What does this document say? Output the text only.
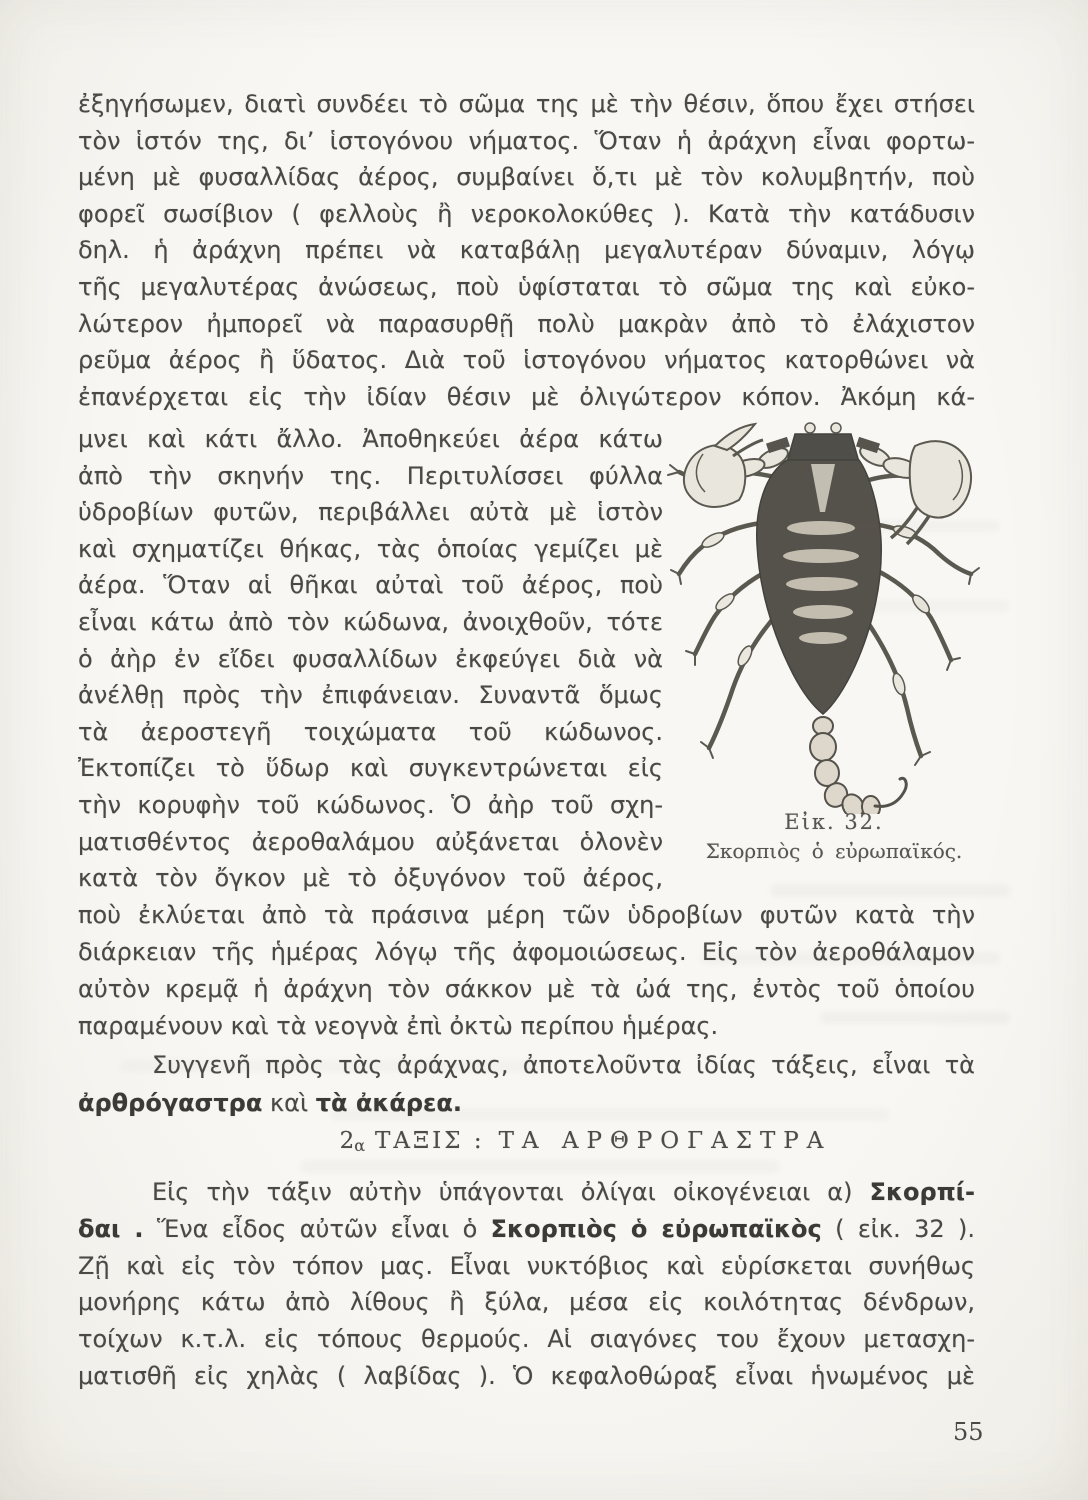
ἐξηγήσωμεν, διατὶ συνδέει τὸ σῶμα της μὲ τὴν θέσιν, ὅπου ἔχει στήσει
τὸν ἱστόν της, δι’ ἱστογόνου νήματος. Ὅταν ἡ ἀράχνη εἶναι φορτω-
μένη μὲ φυσαλλίδας ἀέρος, συμβαίνει ὅ,τι μὲ τὸν κολυμβητήν, ποὺ
φορεῖ σωσίβιον ( φελλοὺς ἢ νεροκολοκύθες ). Κατὰ τὴν κατάδυσιν
δηλ. ἡ ἀράχνη πρέπει νὰ καταβάλῃ μεγαλυτέραν δύναμιν, λόγῳ
τῆς μεγαλυτέρας ἀνώσεως, ποὺ ὑφίσταται τὸ σῶμα της καὶ εὐκο-
λώτερον ἠμπορεῖ νὰ παρασυρθῇ πολὺ μακρὰν ἀπὸ τὸ ἐλάχιστον
ρεῦμα ἀέρος ἢ ὕδατος. Διὰ τοῦ ἱστογόνου νήματος κατορθώνει νὰ
ἐπανέρχεται εἰς τὴν ἰδίαν θέσιν μὲ ὀλιγώτερον κόπον. Ἀκόμη κά-
μνει καὶ κάτι ἄλλο. Ἀποθηκεύει ἀέρα κάτω
ἀπὸ τὴν σκηνήν της. Περιτυλίσσει φύλλα
ὑδροβίων φυτῶν, περιβάλλει αὐτὰ μὲ ἱστὸν
καὶ σχηματίζει θήκας, τὰς ὁποίας γεμίζει μὲ
ἀέρα. Ὅταν αἱ θῆκαι αὐταὶ τοῦ ἀέρος, ποὺ
εἶναι κάτω ἀπὸ τὸν κώδωνα, ἀνοιχθοῦν, τότε
ὁ ἀὴρ ἐν εἴδει φυσαλλίδων ἐκφεύγει διὰ νὰ
ἀνέλθῃ πρὸς τὴν ἐπιφάνειαν. Συναντᾶ ὅμως
τὰ ἀεροστεγῆ τοιχώματα τοῦ κώδωνος.
Ἐκτοπίζει τὸ ὕδωρ καὶ συγκεντρώνεται εἰς
τὴν κορυφὴν τοῦ κώδωνος. Ὁ ἀὴρ τοῦ σχη-
ματισθέντος ἀεροθαλάμου αὐξάνεται ὁλονὲν
κατὰ τὸν ὄγκον μὲ τὸ ὀξυγόνον τοῦ ἀέρος,
ποὺ ἐκλύεται ἀπὸ τὰ πράσινα μέρη τῶν ὑδροβίων φυτῶν κατὰ τὴν
διάρκειαν τῆς ἡμέρας λόγῳ τῆς ἀφομοιώσεως. Εἰς τὸν ἀεροθάλαμον
αὐτὸν κρεμᾷ ἡ ἀράχνη τὸν σάκκον μὲ τὰ ὠά της, ἐντὸς τοῦ ὁποίου
παραμένουν καὶ τὰ νεογνὰ ἐπὶ ὀκτὼ περίπου ἡμέρας.
Συγγενῆ πρὸς τὰς ἀράχνας, ἀποτελοῦντα ἰδίας τάξεις, εἶναι τὰ
ἀρθρόγαστρα καὶ τὰ ἀκάρεα.
2α ΤΑΞΙΣ : ΤΑ ΑΡΘΡΟΓΑΣΤΡΑ
Εἰς τὴν τάξιν αὐτὴν ὑπάγονται ὀλίγαι οἰκογένειαι α) Σκορπί-
δαι . Ἕνα εἶδος αὐτῶν εἶναι ὁ Σκορπιὸς ὁ εὐρωπαϊκὸς ( εἰκ. 32 ).
Ζῇ καὶ εἰς τὸν τόπον μας. Εἶναι νυκτόβιος καὶ εὑρίσκεται συνήθως
μονήρης κάτω ἀπὸ λίθους ἢ ξύλα, μέσα εἰς κοιλότητας δένδρων,
τοίχων κ.τ.λ. εἰς τόπους θερμούς. Αἱ σιαγόνες του ἔχουν μετασχη-
ματισθῆ εἰς χηλὰς ( λαβίδας ). Ὁ κεφαλοθώραξ εἶναι ἡνωμένος μὲ
Εἰκ. 32.
Σκορπιὸς ὁ εὐρωπαϊκός.
55
